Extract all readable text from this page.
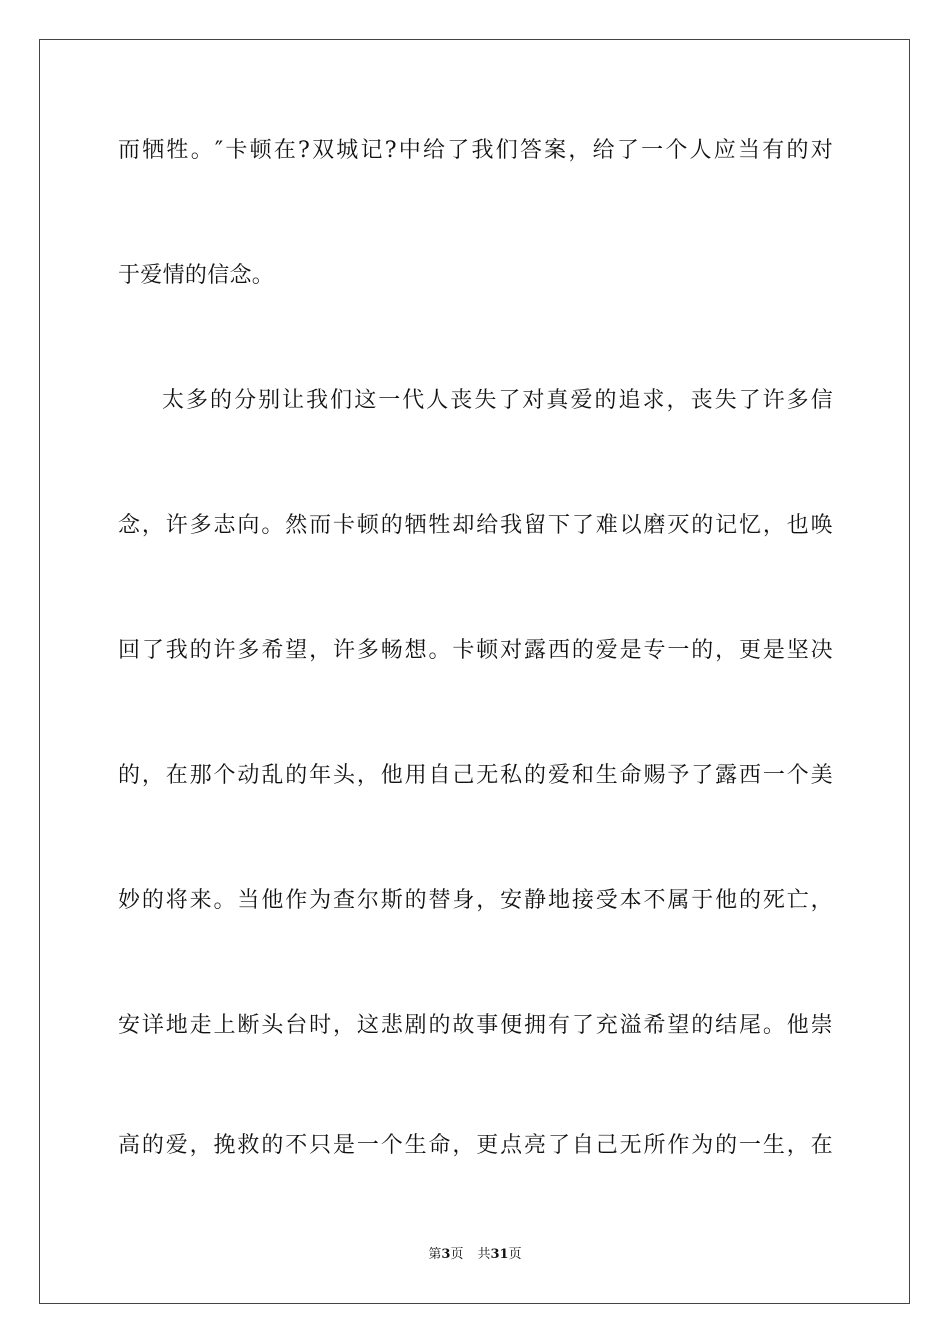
而牺牲。″卡顿在?双城记?中给了我们答案，给了一个人应当有的对
于爱情的信念。
太多的分别让我们这一代人丧失了对真爱的追求，丧失了许多信
念，许多志向。然而卡顿的牺牲却给我留下了难以磨灭的记忆，也唤
回了我的许多希望，许多畅想。卡顿对露西的爱是专一的，更是坚决
的，在那个动乱的年头，他用自己无私的爱和生命赐予了露西一个美
妙的将来。当他作为查尔斯的替身，安静地接受本不属于他的死亡，
安详地走上断头台时，这悲剧的故事便拥有了充溢希望的结尾。他崇
高的爱，挽救的不只是一个生命，更点亮了自己无所作为的一生，在
第3页 共31页
